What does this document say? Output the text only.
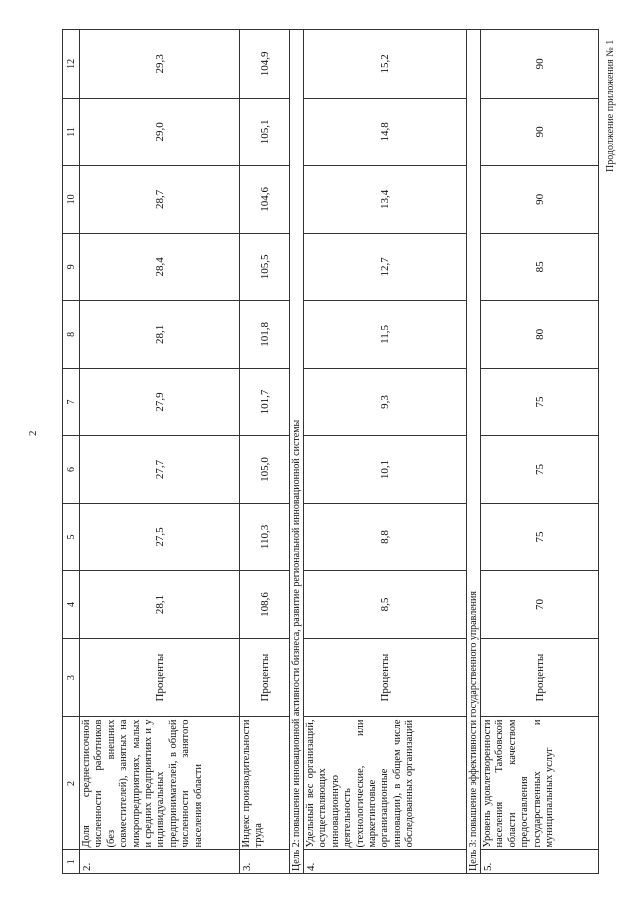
2
Продолжение приложения № 1
1	2	3	4	5	6	7	8	9	10	11	12
2.	Доля среднесписочной численности работников (без внешних совместителей), занятых на микропредприятиях, малых и средних предприятиях и у индивидуальных предпринимателей, в общей численности занятого населения области	Проценты	28,1	27,5	27,7	27,9	28,1	28,4	28,7	29,0	29,3
3.	Индекс производительности труда	Проценты	108,6	110,3	105,0	101,7	101,8	105,5	104,6	105,1	104,9
Цель 2: повышение инновационной активности бизнеса, развитие региональной инновационной системы											
4.	Удельный вес организаций, осуществляющих инновационную деятельность (технологические, или маркетинговые организационные инновации), в общем числе обследованных организаций	Проценты	8,5	8,8	10,1	9,3	11,5	12,7	13,4	14,8	15,2
Цель 3: повышение эффективности государственного управления											
5.	Уровень удовлетворенности населения Тамбовской области качеством предоставления государственных и муниципальных услуг	Проценты	70	75	75	75	80	85	90	90	90
